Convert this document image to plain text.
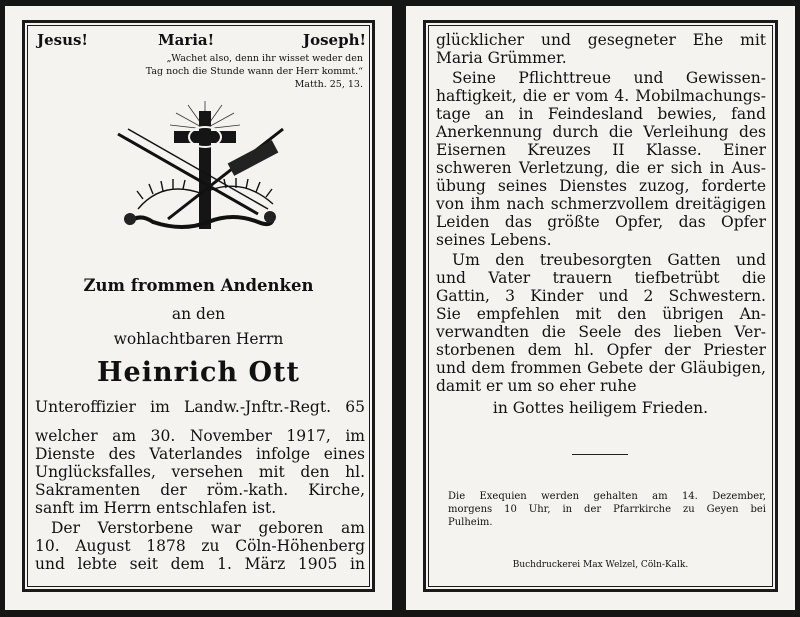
Jesus!	Maria!	Joseph!
„Wachet also, denn ihr wisset weder den
Tag noch die Stunde wann der Herr kommt.“
Matth. 25, 13.
Zum frommen Andenken
an den
wohlachtbaren Herrn
Heinrich Ott
Unteroffizier im Landw.-Jnftr.-Regt. 65
welcher am 30. November 1917, im
Dienste des Vaterlandes infolge eines
Unglücksfalles, versehen mit den hl.
Sakramenten der röm.-kath. Kirche,
sanft im Herrn entschlafen ist.
Der Verstorbene war geboren am
10. August 1878 zu Cöln-Höhenberg
und lebte seit dem 1. März 1905 in
glücklicher und gesegneter Ehe mit
Maria Grümmer.
Seine Pflichttreue und Gewissen-
haftigkeit, die er vom 4. Mobilmachungs-
tage an in Feindesland bewies, fand
Anerkennung durch die Verleihung des
Eisernen Kreuzes II Klasse. Einer
schweren Verletzung, die er sich in Aus-
übung seines Dienstes zuzog, forderte
von ihm nach schmerzvollem dreitägigen
Leiden das größte Opfer, das Opfer
seines Lebens.
Um den treubesorgten Gatten und
und Vater trauern tiefbetrübt die
Gattin, 3 Kinder und 2 Schwestern.
Sie empfehlen mit den übrigen An-
verwandten die Seele des lieben Ver-
storbenen dem hl. Opfer der Priester
und dem frommen Gebete der Gläubigen,
damit er um so eher ruhe
in Gottes heiligem Frieden.
Die Exequien werden gehalten am 14. Dezember,
morgens 10 Uhr, in der Pfarrkirche zu Geyen bei
Pulheim.
Buchdruckerei Max Welzel, Cöln-Kalk.
